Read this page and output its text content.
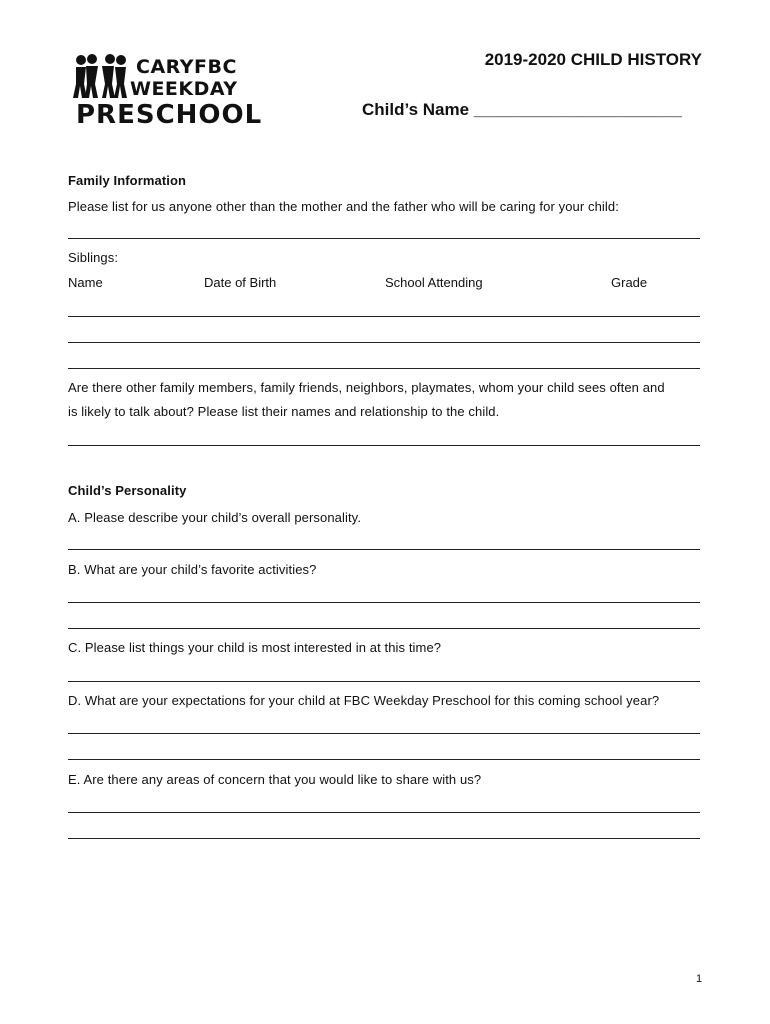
CARYFBC
WEEKDAY
PRESCHOOL
2019-2020 CHILD HISTORY
Child’s Name ______________________
Family Information
Please list for us anyone other than the mother and the father who will be caring for your child:
Siblings:
Name	Date of Birth	School Attending	Grade
Are there other family members, family friends, neighbors, playmates, whom your child sees often and
is likely to talk about? Please list their names and relationship to the child.
Child’s Personality
A. Please describe your child’s overall personality.
B. What are your child’s favorite activities?
C. Please list things your child is most interested in at this time?
D. What are your expectations for your child at FBC Weekday Preschool for this coming school year?
E. Are there any areas of concern that you would like to share with us?
1
